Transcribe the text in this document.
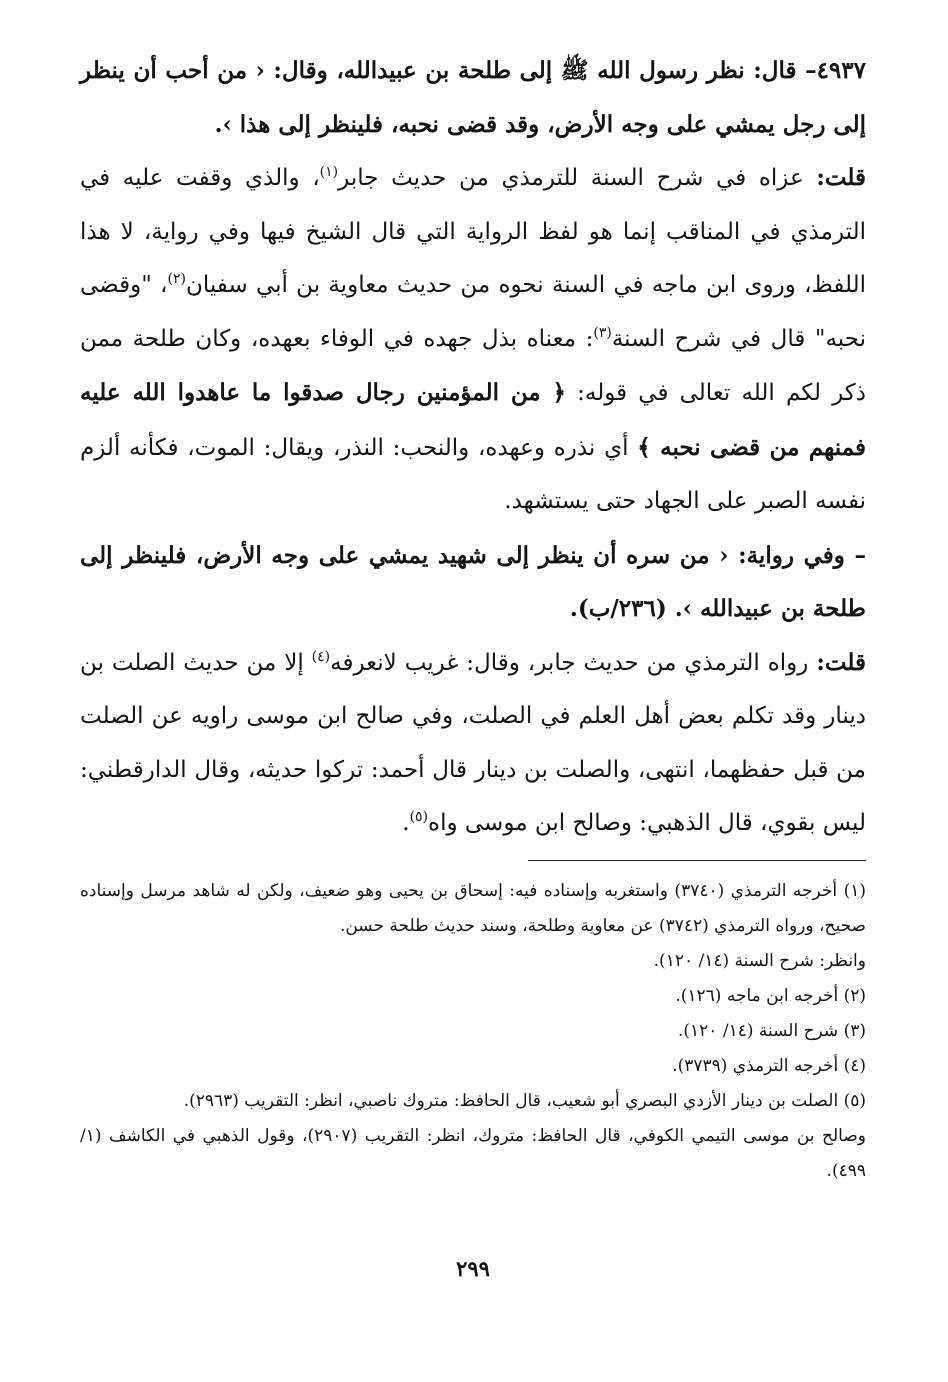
٤٩٣٧– قال: نظر رسول الله ﷺ إلى طلحة بن عبيدالله، وقال: ‹ من أحب أن ينظر إلى رجل يمشي على وجه الأرض، وقد قضى نحبه، فلينظر إلى هذا ›.

قلت: عزاه في شرح السنة للترمذي من حديث جابر$^{(١)}$، والذي وقفت عليه في الترمذي في المناقب إنما هو لفظ الرواية التي قال الشيخ فيها وفي رواية، لا هذا اللفظ، وروى ابن ماجه في السنة نحوه من حديث معاوية بن أبي سفيان$^{(٢)}$، "وقضى نحبه" قال في شرح السنة$^{(٣)}$: معناه بذل جهده في الوفاء بعهده، وكان طلحة ممن ذكر لكم الله تعالى في قوله: ﴿ من المؤمنين رجال صدقوا ما عاهدوا الله عليه فمنهم من قضى نحبه ﴾ أي نذره وعهده، والنحب: النذر، ويقال: الموت، فكأنه ألزم نفسه الصبر على الجهاد حتى يستشهد.

– وفي رواية: ‹ من سره أن ينظر إلى شهيد يمشي على وجه الأرض، فلينظر إلى طلحة بن عبيدالله ›. (٢٣٦/ب).

قلت: رواه الترمذي من حديث جابر، وقال: غريب لانعرفه$^{(٤)}$ إلا من حديث الصلت بن دينار وقد تكلم بعض أهل العلم في الصلت، وفي صالح ابن موسى راويه عن الصلت من قبل حفظهما، انتهى، والصلت بن دينار قال أحمد: تركوا حديثه، وقال الدارقطني: ليس بقوي، قال الذهبي: وصالح ابن موسى واه$^{(٥)}$.

(١) أخرجه الترمذي (٣٧٤٠) واستغربه وإسناده فيه: إسحاق بن يحيى وهو ضعيف، ولكن له شاهد مرسل وإسناده صحيح، ورواه الترمذي (٣٧٤٢) عن معاوية وطلحة، وسند حديث طلحة حسن.

وانظر: شرح السنة (١٤/ ١٢٠).

(٢) أخرجه ابن ماجه (١٢٦).

(٣) شرح السنة (١٤/ ١٢٠).

(٤) أخرجه الترمذي (٣٧٣٩).

(٥) الصلت بن دينار الأزدي البصري أبو شعيب، قال الحافظ: متروك ناصبي، انظر: التقريب (٢٩٦٣).

وصالح بن موسى التيمي الكوفي، قال الحافظ: متروك، انظر: التقريب (٢٩٠٧)، وقول الذهبي في الكاشف (١/ ٤٩٩).

٢٩٩
